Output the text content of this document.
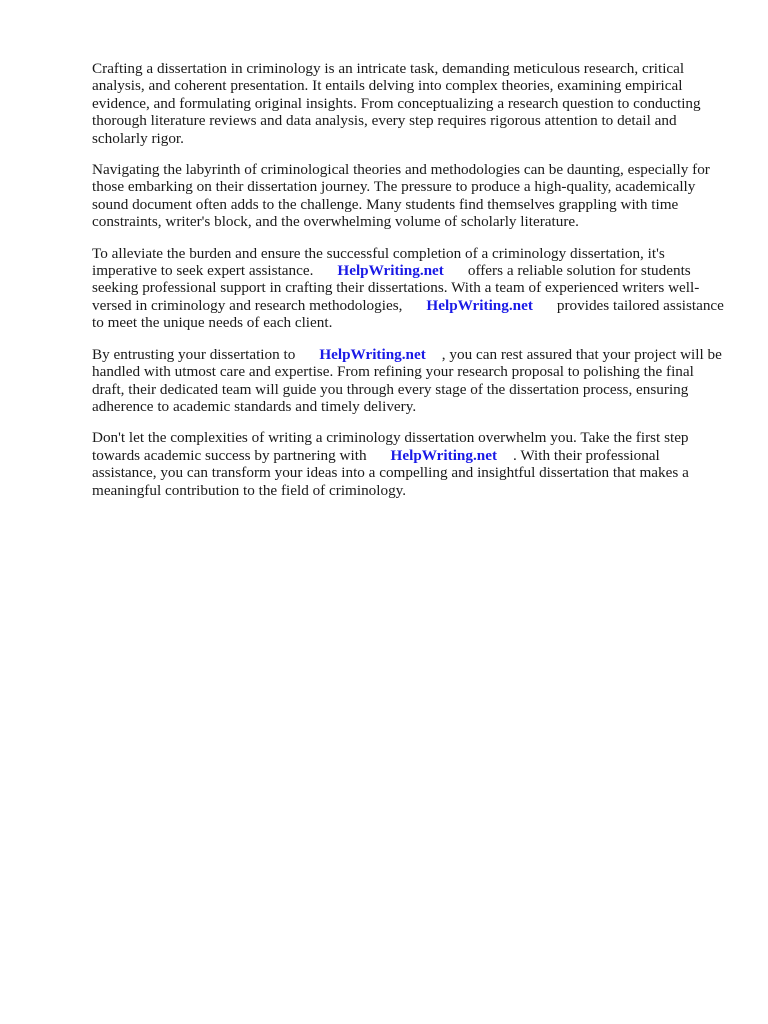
Crafting a dissertation in criminology is an intricate task, demanding meticulous research, critical analysis, and coherent presentation. It entails delving into complex theories, examining empirical evidence, and formulating original insights. From conceptualizing a research question to conducting thorough literature reviews and data analysis, every step requires rigorous attention to detail and scholarly rigor.

Navigating the labyrinth of criminological theories and methodologies can be daunting, especially for those embarking on their dissertation journey. The pressure to produce a high-quality, academically sound document often adds to the challenge. Many students find themselves grappling with time constraints, writer's block, and the overwhelming volume of scholarly literature.

To alleviate the burden and ensure the successful completion of a criminology dissertation, it's imperative to seek expert assistance. HelpWriting.net offers a reliable solution for students seeking professional support in crafting their dissertations. With a team of experienced writers well-versed in criminology and research methodologies, HelpWriting.net provides tailored assistance to meet the unique needs of each client.

By entrusting your dissertation to HelpWriting.net , you can rest assured that your project will be handled with utmost care and expertise. From refining your research proposal to polishing the final draft, their dedicated team will guide you through every stage of the dissertation process, ensuring adherence to academic standards and timely delivery.

Don't let the complexities of writing a criminology dissertation overwhelm you. Take the first step towards academic success by partnering with HelpWriting.net . With their professional assistance, you can transform your ideas into a compelling and insightful dissertation that makes a meaningful contribution to the field of criminology.
